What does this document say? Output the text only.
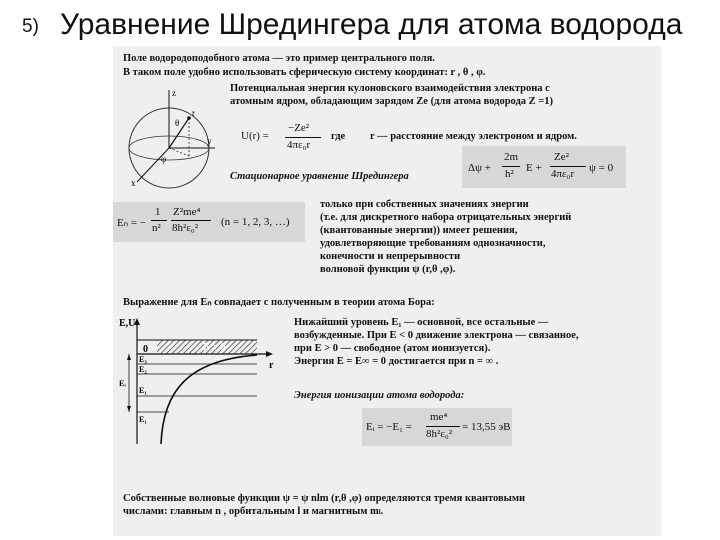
5) Уравнение Шредингера для атома водорода
Поле водородоподобного атома — это пример центрального поля.
В таком поле удобно использовать сферическую систему координат: r , θ , φ.
Потенциальная энергия кулоновского взаимодействия электрона с
атомным ядром, обладающим зарядом Ze (для атома водорода Z =1)
z
y
x
θ
φ
r
U(r) =
−Ze²
4πε₀r
где r — расстояние между электроном и ядром.
Стационарное уравнение Шредингера
Δψ +
2m
h² E +
Ze²
4πε₀r ψ = 0
Eₙ = −
1
n²
Z²me⁴
8h²ε₀² (n = 1, 2, 3, …)
только при собственных значениях энергии
(т.е. для дискретного набора отрицательных энергий
(квантованные энергии)) имеет решения,
удовлетворяющие требованиям однозначности,
конечности и непрерывности
волновой функции ψ (r,θ ,φ).
Выражение для Eₙ совпадает с полученным в теории атома Бора:
E,U
0	E > 0
r
E₃
E₂
E₁
Eᵢ
E₁
Нижайший уровень E₁ — основной, все остальные —
возбужденные. При E < 0 движение электрона — связанное,
при E > 0 — свободное (атом ионизуется).
Энергия E = E∞ = 0 достигается при n = ∞ .
Энергия ионизации атома водорода:
Eᵢ = −E₁ =
me⁴
8h²ε₀²
= 13,55 эВ
Собственные волновые функции ψ = ψ nlm (r,θ ,φ) определяются тремя квантовыми
числами: главным n , орбитальным l и магнитным mₗ.
